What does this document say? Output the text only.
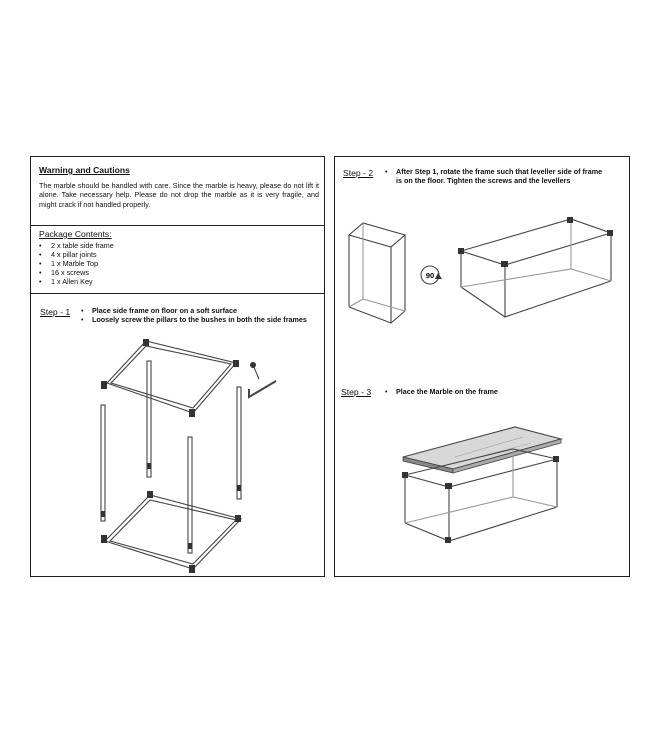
Warning and Cautions
The marble should be handled with care. Since the marble is heavy, please do not lift it alone. Take necessary help. Please do not drop the marble as it is very fragile, and might crack if not handled properly.
Package Contents:
• 2 x table side frame
• 4 x pillar joints
• 1 x Marble Top
• 16 x screws
• 1 x Allen Key
Step - 1 • Place side frame on floor on a soft surface
•	Loosely screw the pillars to the bushes in both the side frames
Step - 2 •	After Step 1, rotate the frame such that leveller side of frame is on the floor. Tighten the screws and the levellers
90
Step - 3 •	Place the Marble on the frame
